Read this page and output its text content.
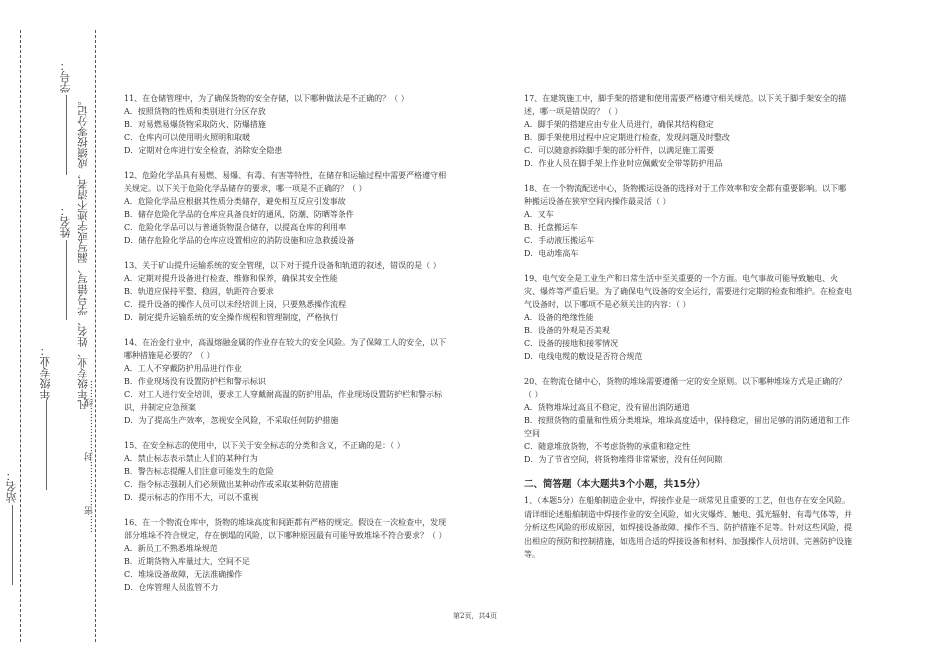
站名：
年级专业：
姓名：
学号：
凡年级专业、姓名、学号错写、漏写或字迹不清者，成绩按零分记。
……密……………封……………线……

11、在仓储管理中，为了确保货物的安全存储，以下哪种做法是不正确的？（ ）

A．按照货物的性质和类别进行分区存放

B．对易燃易爆货物采取防火、防爆措施

C．仓库内可以使用明火照明和取暖

D．定期对仓库进行安全检查，消除安全隐患

12、危险化学品具有易燃、易爆、有毒、有害等特性，在储存和运输过程中需要严格遵守相关规定。以下关于危险化学品储存的要求，哪一项是不正确的？（ ）

A．危险化学品应根据其性质分类储存，避免相互反应引发事故

B．储存危险化学品的仓库应具备良好的通风、防潮、防晒等条件

C．危险化学品可以与普通货物混合储存，以提高仓库的利用率

D．储存危险化学品的仓库应设置相应的消防设施和应急救援设备

13、关于矿山提升运输系统的安全管理，以下对于提升设备和轨道的叙述，错误的是（ ）

A．定期对提升设备进行检查、维修和保养，确保其安全性能

B．轨道应保持平整、稳固，轨距符合要求

C．提升设备的操作人员可以未经培训上岗，只要熟悉操作流程

D．制定提升运输系统的安全操作规程和管理制度，严格执行

14、在冶金行业中，高温熔融金属的作业存在较大的安全风险。为了保障工人的安全，以下哪种措施是必要的？（ ）

A．工人不穿戴防护用品进行作业

B．作业现场没有设置防护栏和警示标识

C．对工人进行安全培训，要求工人穿戴耐高温的防护用品，作业现场设置防护栏和警示标识，并制定应急预案

D．为了提高生产效率，忽视安全风险，不采取任何防护措施

15、在安全标志的使用中，以下关于安全标志的分类和含义，不正确的是：（ ）

A．禁止标志表示禁止人们的某种行为

B．警告标志提醒人们注意可能发生的危险

C．指令标志强制人们必须做出某种动作或采取某种防范措施

D．提示标志的作用不大，可以不重视

16、在一个物流仓库中，货物的堆垛高度和间距都有严格的规定。假设在一次检查中，发现部分堆垛不符合规定，存在倒塌的风险，以下哪种原因最有可能导致堆垛不符合要求？（ ）

A．新员工不熟悉堆垛规范

B．近期货物入库量过大，空间不足

C．堆垛设备故障，无法准确操作

D．仓库管理人员监管不力

17、在建筑施工中，脚手架的搭建和使用需要严格遵守相关规范。以下关于脚手架安全的描述，哪一项是错误的？（ ）

A．脚手架的搭建应由专业人员进行，确保其结构稳定

B．脚手架使用过程中应定期进行检查，发现问题及时整改

C．可以随意拆除脚手架的部分杆件，以满足施工需要

D．作业人员在脚手架上作业时应佩戴安全带等防护用品

18、在一个物流配送中心，货物搬运设备的选择对于工作效率和安全都有重要影响。以下哪种搬运设备在狭窄空间内操作最灵活（ ）

A．叉车

B．托盘搬运车

C．手动液压搬运车

D．电动堆高车

19、电气安全是工业生产和日常生活中至关重要的一个方面。电气事故可能导致触电、火灾、爆炸等严重后果。为了确保电气设备的安全运行，需要进行定期的检查和维护。在检查电气设备时，以下哪项不是必须关注的内容：（ ）

A．设备的绝缘性能

B．设备的外观是否美观

C．设备的接地和接零情况

D．电线电缆的敷设是否符合规范

20、在物流仓储中心，货物的堆垛需要遵循一定的安全原则。以下哪种堆垛方式是正确的？（ ）

A．货物堆垛过高且不稳定，没有留出消防通道

B．按照货物的重量和性质分类堆垛，堆垛高度适中，保持稳定，留出足够的消防通道和工作空间

C．随意堆放货物，不考虑货物的承重和稳定性

D．为了节省空间，将货物堆得非常紧密，没有任何间隙

二、简答题（本大题共3个小题，共15分）

1、（本题5分）在船舶制造企业中，焊接作业是一项常见且重要的工艺，但也存在安全风险。请详细论述船舶制造中焊接作业的安全风险，如火灾爆炸、触电、弧光辐射、有毒气体等，并分析这些风险的形成原因，如焊接设备故障、操作不当、防护措施不足等。针对这些风险，提出相应的预防和控制措施，如选用合适的焊接设备和材料、加强操作人员培训、完善防护设施等。

第2页，共4页
